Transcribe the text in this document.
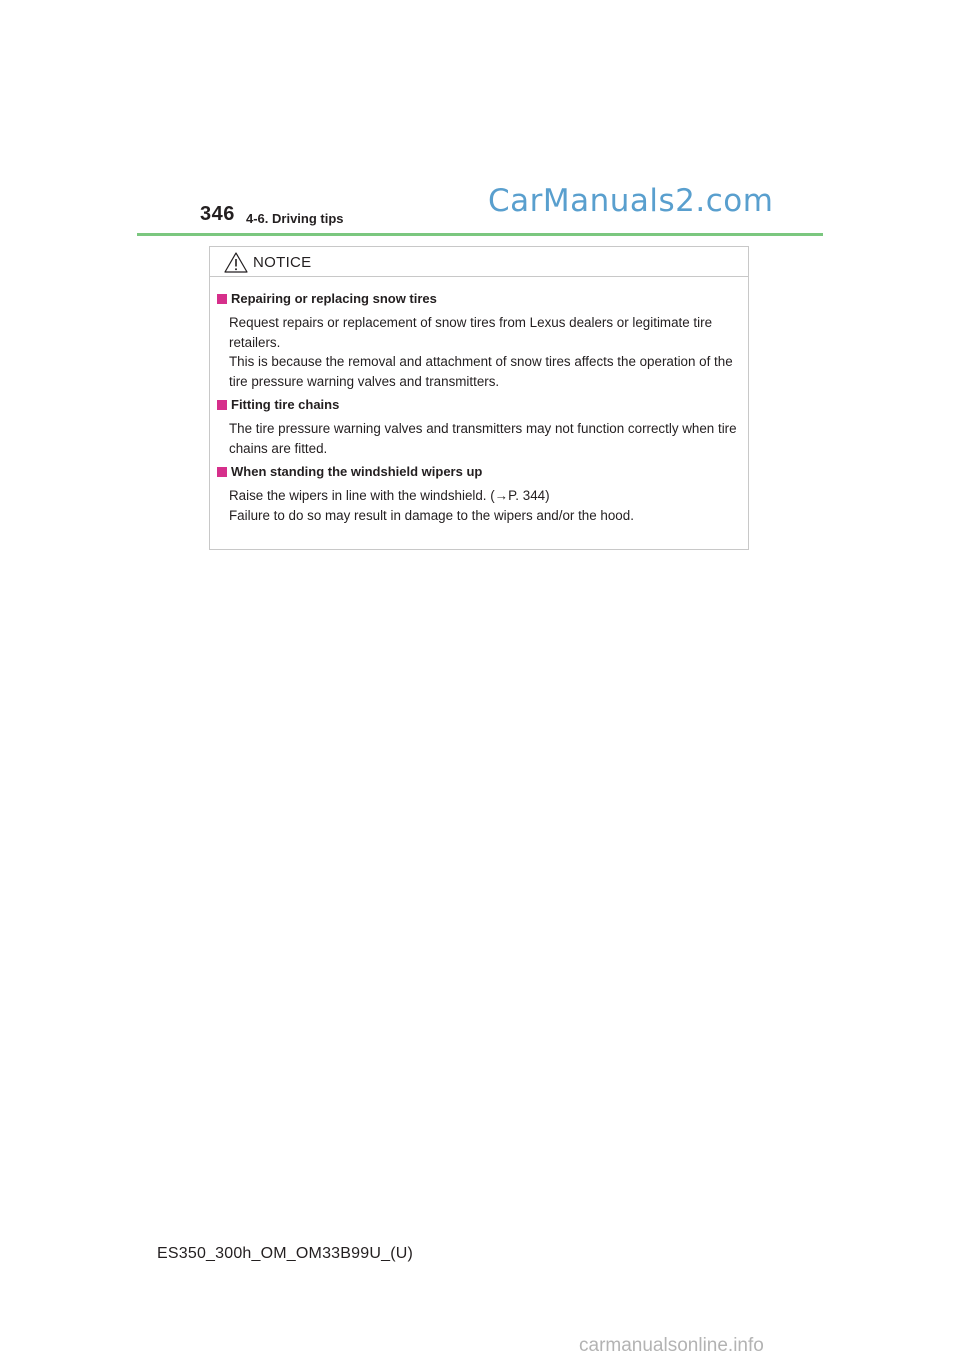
346 4-6. Driving tips	CarManuals2.com
NOTICE
Repairing or replacing snow tires

Request repairs or replacement of snow tires from Lexus dealers or legitimate tire retailers.
This is because the removal and attachment of snow tires affects the operation of the tire pressure warning valves and transmitters.

Fitting tire chains

The tire pressure warning valves and transmitters may not function correctly when tire chains are fitted.

When standing the windshield wipers up

Raise the wipers in line with the windshield. (→P. 344)
Failure to do so may result in damage to the wipers and/or the hood.

ES350_300h_OM_OM33B99U_(U)
carmanualsonline.info
